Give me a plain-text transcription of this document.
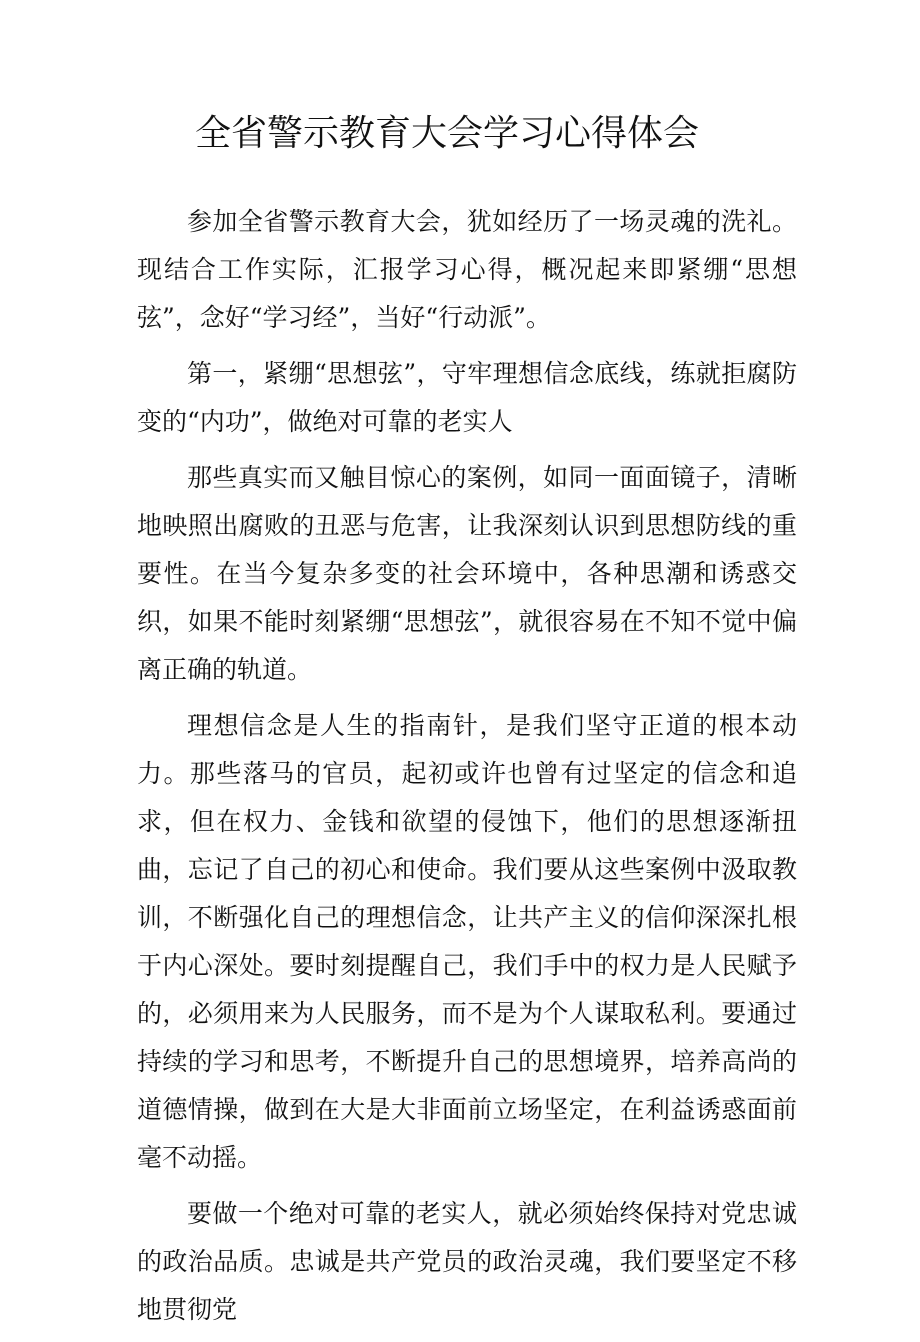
全省警示教育大会学习心得体会

参加全省警示教育大会，犹如经历了一场灵魂的洗礼。现结合工作实际，汇报学习心得，概况起来即紧绷“思想弦”，念好“学习经”，当好“行动派”。

第一，紧绷“思想弦”，守牢理想信念底线，练就拒腐防变的“内功”，做绝对可靠的老实人

那些真实而又触目惊心的案例，如同一面面镜子，清晰地映照出腐败的丑恶与危害，让我深刻认识到思想防线的重要性。在当今复杂多变的社会环境中，各种思潮和诱惑交织，如果不能时刻紧绷“思想弦”，就很容易在不知不觉中偏离正确的轨道。

理想信念是人生的指南针，是我们坚守正道的根本动力。那些落马的官员，起初或许也曾有过坚定的信念和追求，但在权力、金钱和欲望的侵蚀下，他们的思想逐渐扭曲，忘记了自己的初心和使命。我们要从这些案例中汲取教训，不断强化自己的理想信念，让共产主义的信仰深深扎根于内心深处。要时刻提醒自己，我们手中的权力是人民赋予的，必须用来为人民服务，而不是为个人谋取私利。要通过持续的学习和思考，不断提升自己的思想境界，培养高尚的道德情操，做到在大是大非面前立场坚定，在利益诱惑面前毫不动摇。

要做一个绝对可靠的老实人，就必须始终保持对党忠诚的政治品质。忠诚是共产党员的政治灵魂，我们要坚定不移地贯彻党
